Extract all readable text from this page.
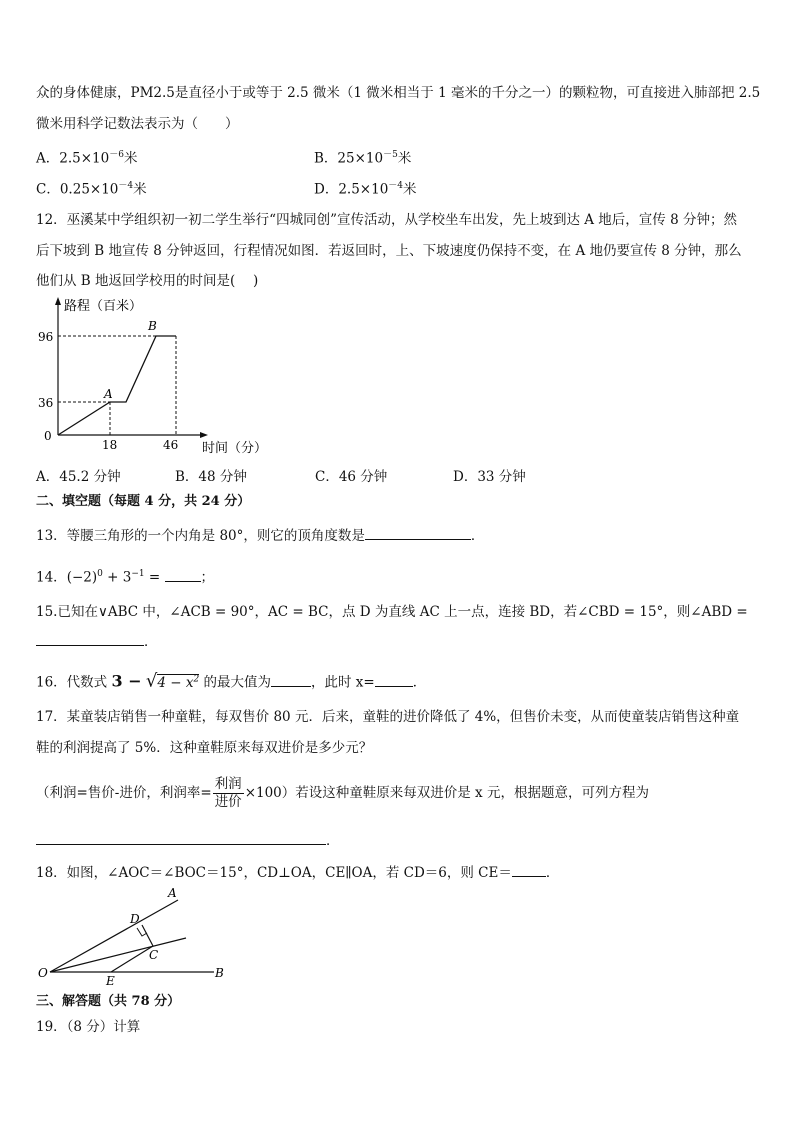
众的身体健康，PM2.5是直径小于或等于 2.5 微米（1 微米相当于 1 毫米的千分之一）的颗粒物，可直接进入肺部把 2.5
微米用科学记数法表示为（　　）
A．$2.5\times 10^{-6}$米	B．$25\times 10^{-5}$米
C．$0.25\times 10^{-4}$米	D．$2.5\times 10^{-4}$米
12．巫溪某中学组织初一初二学生举行“四城同创”宣传活动，从学校坐车出发，先上坡到达 A 地后，宣传 8 分钟；然
后下坡到 B 地宣传 8 分钟返回，行程情况如图．若返回时，上、下坡速度仍保持不变，在 A 地仍要宣传 8 分钟，那么
他们从 B 地返回学校用的时间是(　 )
路程（百米）
时间（分）
96
36
0
18	46
A
B
A．45.2 分钟	B．48 分钟	C．46 分钟	D．33 分钟
二、填空题（每题 4 分，共 24 分）
13．等腰三角形的一个内角是 80°，则它的顶角度数是	．
14．$(-2)^0 + 3^{-1}$ =	；
15.已知在∨ABC 中，∠ACB = 90°，AC = BC，点 D 为直线 AC 上一点，连接 BD，若∠CBD = 15°，则∠ABD =
．
16．代数式 $3 - √4 - x^2$ 的最大值为	，此时 x=	．
17．某童装店销售一种童鞋，每双售价 80 元．后来，童鞋的进价降低了 4%，但售价未变，从而使童装店销售这种童
鞋的利润提高了 5%．这种童鞋原来每双进价是多少元？
（利润=售价-进价，利润率= $\frac{\text{利润}}{\text{进价}} \times 100$）若设这种童鞋原来每双进价是 x 元，根据题意，可列方程为
．
18．如图，∠AOC＝∠BOC＝15°，CD⊥OA，CE∥OA，若 CD＝6，则 CE＝	．
A
B
C
D
E
O
三、解答题（共 78 分）
19．（8 分）计算
